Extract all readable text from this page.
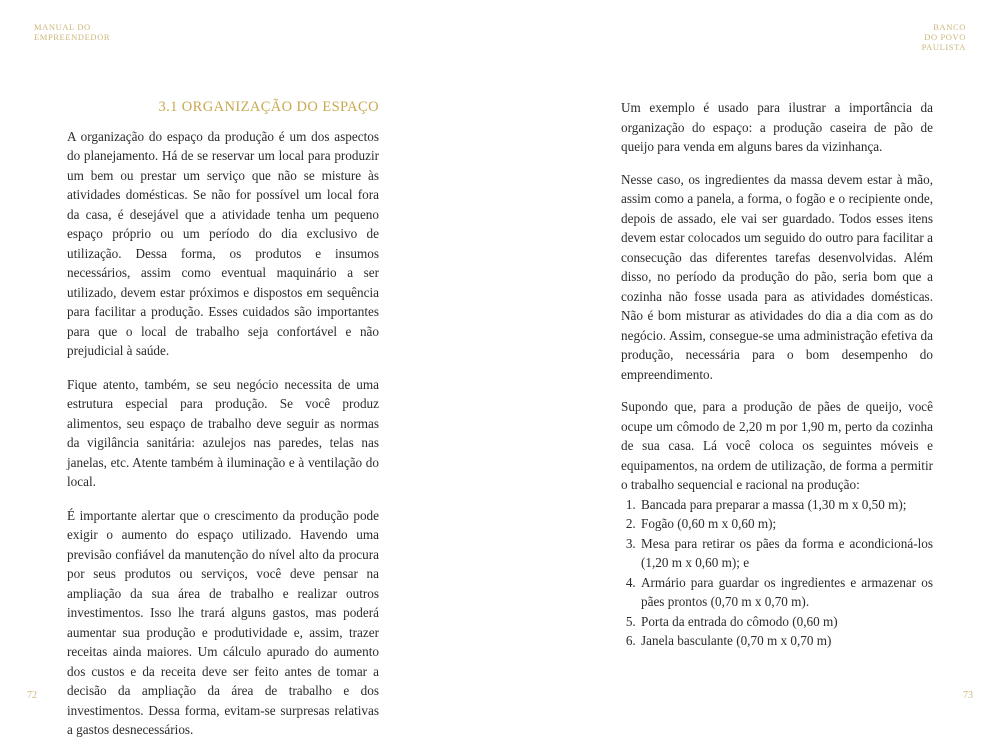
MANUAL DO
EMPREENDEDOR
BANCO
DO POVO
PAULISTA
3.1 ORGANIZAÇÃO DO ESPAÇO

A organização do espaço da produção é um dos aspectos do planejamento. Há de se reservar um local para produzir um bem ou prestar um serviço que não se misture às atividades domésticas. Se não for possível um local fora da casa, é desejável que a atividade tenha um pequeno espaço próprio ou um período do dia exclusivo de utilização. Dessa forma, os produtos e insumos necessários, assim como eventual maquinário a ser utilizado, devem estar próximos e dispostos em sequência para facilitar a produção. Esses cuidados são importantes para que o local de trabalho seja confortável e não prejudicial à saúde.

Fique atento, também, se seu negócio necessita de uma estrutura especial para produção. Se você produz alimentos, seu espaço de trabalho deve seguir as normas da vigilância sanitária: azulejos nas paredes, telas nas janelas, etc. Atente também à iluminação e à ventilação do local.

É importante alertar que o crescimento da produção pode exigir o aumento do espaço utilizado. Havendo uma previsão confiável da manutenção do nível alto da procura por seus produtos ou serviços, você deve pensar na ampliação da sua área de trabalho e realizar outros investimentos. Isso lhe trará alguns gastos, mas poderá aumentar sua produção e produtividade e, assim, trazer receitas ainda maiores. Um cálculo apurado do aumento dos custos e da receita deve ser feito antes de tomar a decisão da ampliação da área de trabalho e dos investimentos. Dessa forma, evitam-se surpresas relativas a gastos desnecessários.

Um exemplo é usado para ilustrar a importância da organização do espaço: a produção caseira de pão de queijo para venda em alguns bares da vizinhança.

Nesse caso, os ingredientes da massa devem estar à mão, assim como a panela, a forma, o fogão e o recipiente onde, depois de assado, ele vai ser guardado. Todos esses itens devem estar colocados um seguido do outro para facilitar a consecução das diferentes tarefas desenvolvidas. Além disso, no período da produção do pão, seria bom que a cozinha não fosse usada para as atividades domésticas. Não é bom misturar as atividades do dia a dia com as do negócio. Assim, consegue-se uma administração efetiva da produção, necessária para o bom desempenho do empreendimento.

Supondo que, para a produção de pães de queijo, você ocupe um cômodo de 2,20 m por 1,90 m, perto da cozinha de sua casa. Lá você coloca os seguintes móveis e equipamentos, na ordem de utilização, de forma a permitir o trabalho sequencial e racional na produção:

1. Bancada para preparar a massa (1,30 m x 0,50 m);
2. Fogão (0,60 m x 0,60 m);
3. Mesa para retirar os pães da forma e acondicioná-los (1,20 m x 0,60 m); e
4. Armário para guardar os ingredientes e armazenar os pães prontos (0,70 m x 0,70 m).
5. Porta da entrada do cômodo (0,60 m)
6. Janela basculante (0,70 m x 0,70 m)
72	73
